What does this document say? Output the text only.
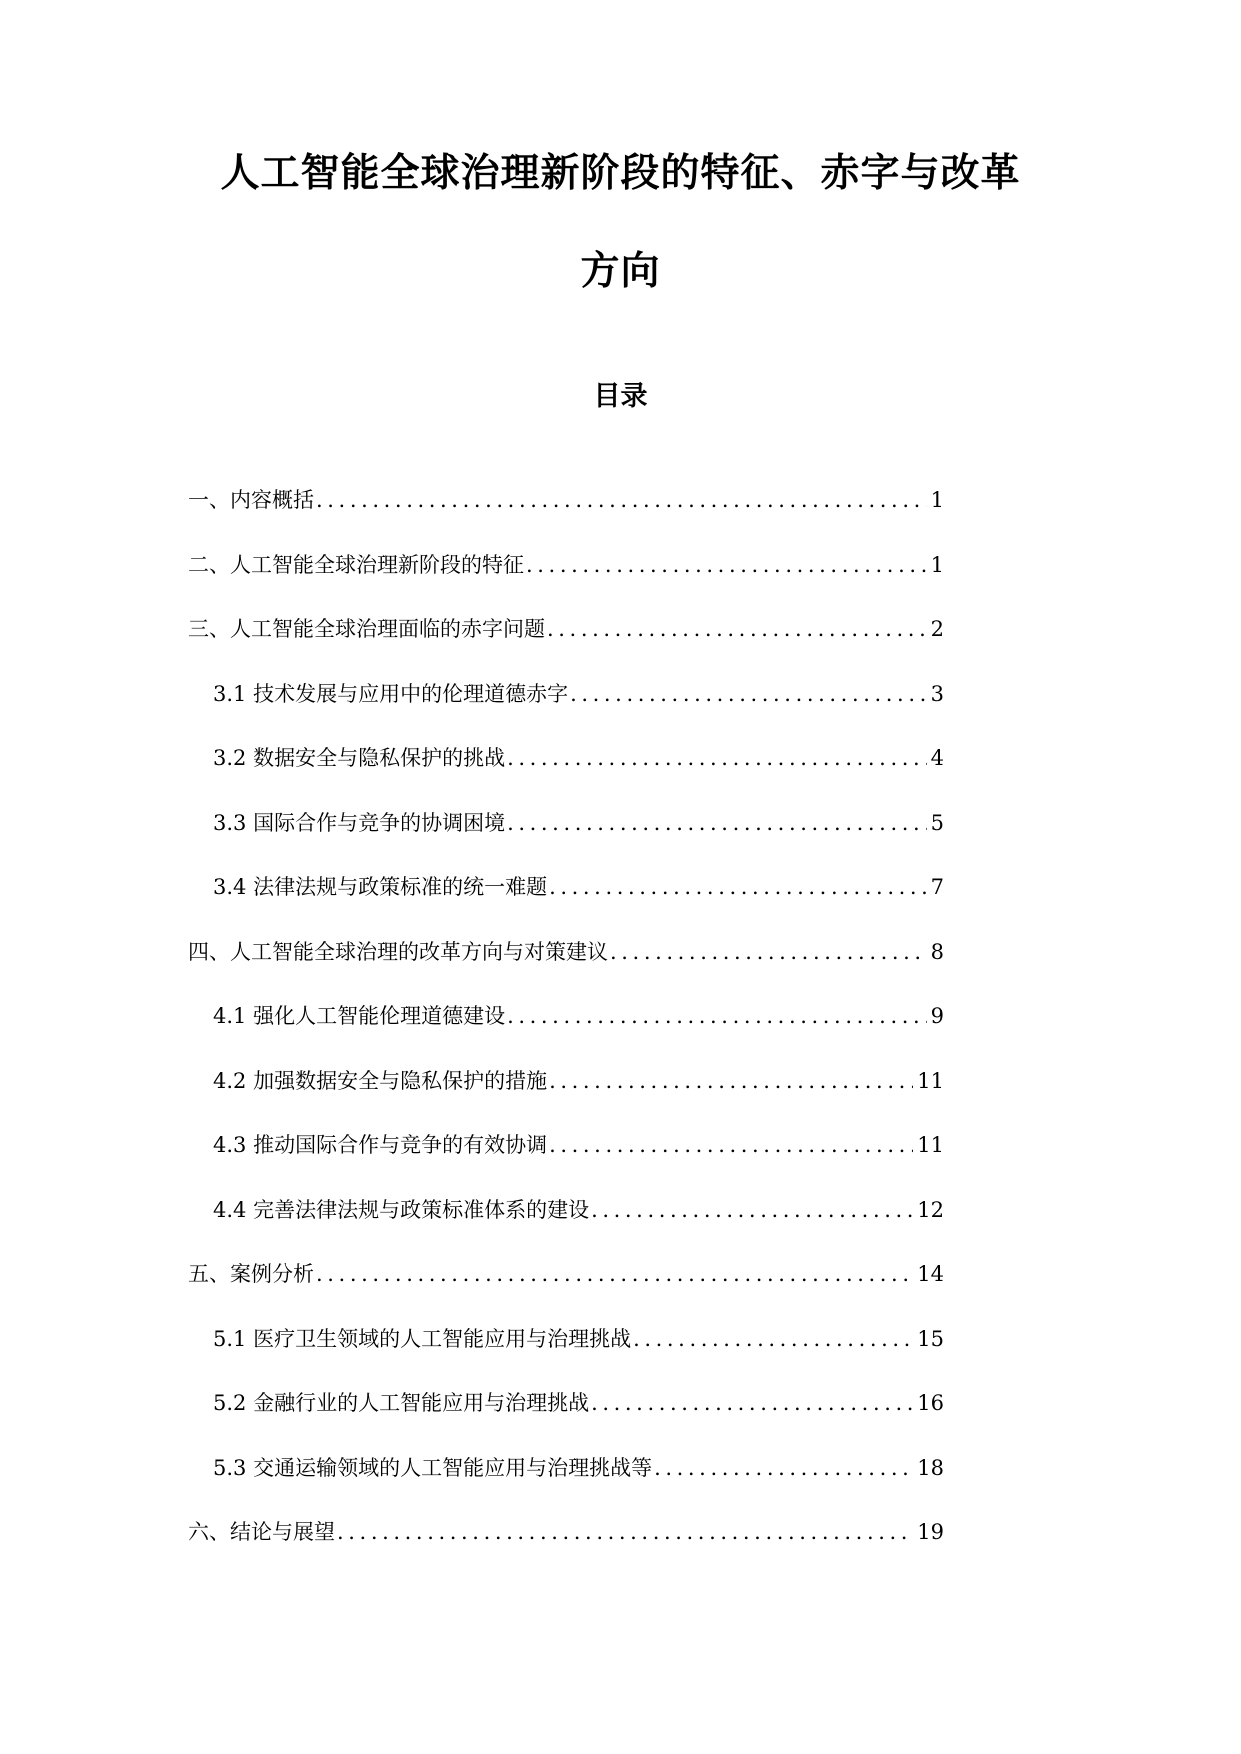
人工智能全球治理新阶段的特征、赤字与改革
方向
目录
一、内容概括 .....	1
二、人工智能全球治理新阶段的特征 .....	1
三、人工智能全球治理面临的赤字问题 .....	2
3.1 技术发展与应用中的伦理道德赤字 .....	3
3.2 数据安全与隐私保护的挑战 .....	4
3.3 国际合作与竞争的协调困境 .....	5
3.4 法律法规与政策标准的统一难题 .....	7
四、人工智能全球治理的改革方向与对策建议 .....	8
4.1 强化人工智能伦理道德建设 .....	9
4.2 加强数据安全与隐私保护的措施 .....	11
4.3 推动国际合作与竞争的有效协调 .....	11
4.4 完善法律法规与政策标准体系的建设 .....	12
五、案例分析 .....	14
5.1 医疗卫生领域的人工智能应用与治理挑战 .....	15
5.2 金融行业的人工智能应用与治理挑战 .....	16
5.3 交通运输领域的人工智能应用与治理挑战等 .....	18
六、结论与展望 .....	19
